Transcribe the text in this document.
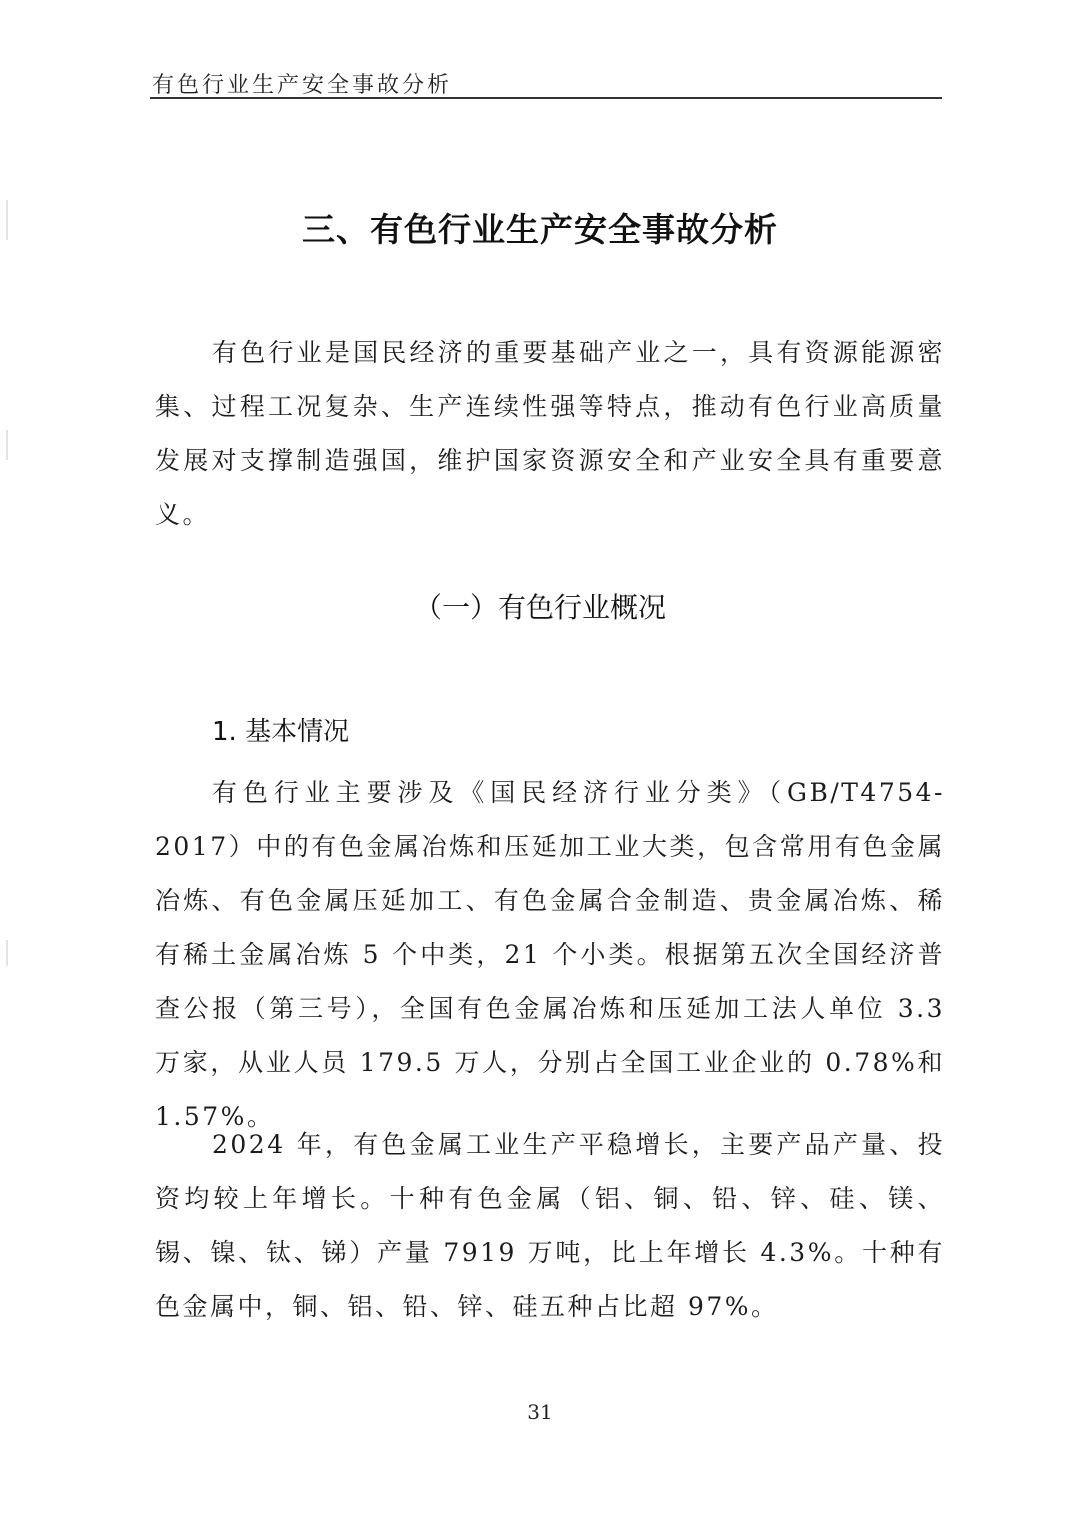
有色行业生产安全事故分析
三、有色行业生产安全事故分析

有色行业是国民经济的重要基础产业之一，具有资源能源密集、过程工况复杂、生产连续性强等特点，推动有色行业高质量发展对支撑制造强国，维护国家资源安全和产业安全具有重要意义。

（一）有色行业概况
1. 基本情况

有色行业主要涉及《国民经济行业分类》（GB/T4754-2017）中的有色金属冶炼和压延加工业大类，包含常用有色金属冶炼、有色金属压延加工、有色金属合金制造、贵金属冶炼、稀有稀土金属冶炼 5 个中类，21 个小类。根据第五次全国经济普查公报（第三号），全国有色金属冶炼和压延加工法人单位 3.3 万家，从业人员 179.5 万人，分别占全国工业企业的 0.78%和 1.57%。

2024 年，有色金属工业生产平稳增长，主要产品产量、投资均较上年增长。十种有色金属（铝、铜、铅、锌、硅、镁、锡、镍、钛、锑）产量 7919 万吨，比上年增长 4.3%。十种有色金属中，铜、铝、铅、锌、硅五种占比超 97%。

31
